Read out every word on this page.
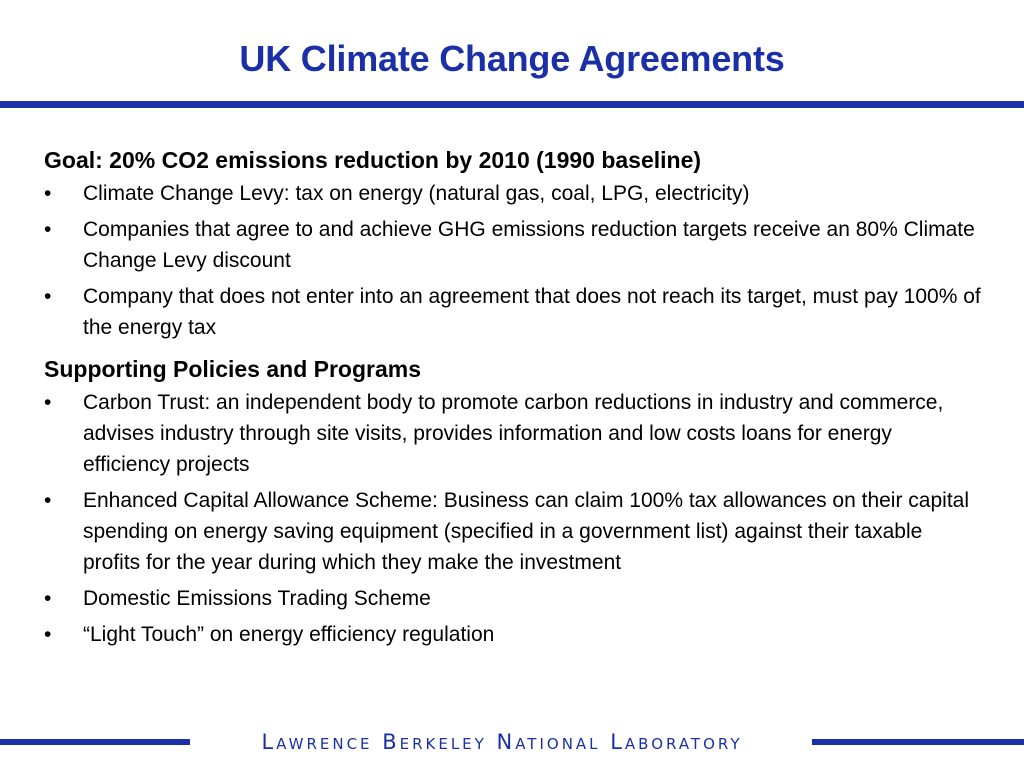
UK Climate Change Agreements
Goal: 20% CO2 emissions reduction by 2010 (1990 baseline)
•	Climate Change Levy: tax on energy (natural gas, coal, LPG, electricity)
•	Companies that agree to and achieve GHG emissions reduction targets receive an 80% Climate Change Levy discount
•	Company that does not enter into an agreement that does not reach its target, must pay 100% of the energy tax
Supporting Policies and Programs
•	Carbon Trust: an independent body to promote carbon reductions in industry and commerce, advises industry through site visits, provides information and low costs loans for energy efficiency projects
•	Enhanced Capital Allowance Scheme: Business can claim 100% tax allowances on their capital spending on energy saving equipment (specified in a government list) against their taxable profits for the year during which they make the investment
•	Domestic Emissions Trading Scheme
•	“Light Touch” on energy efficiency regulation
Lawrence Berkeley National Laboratory
